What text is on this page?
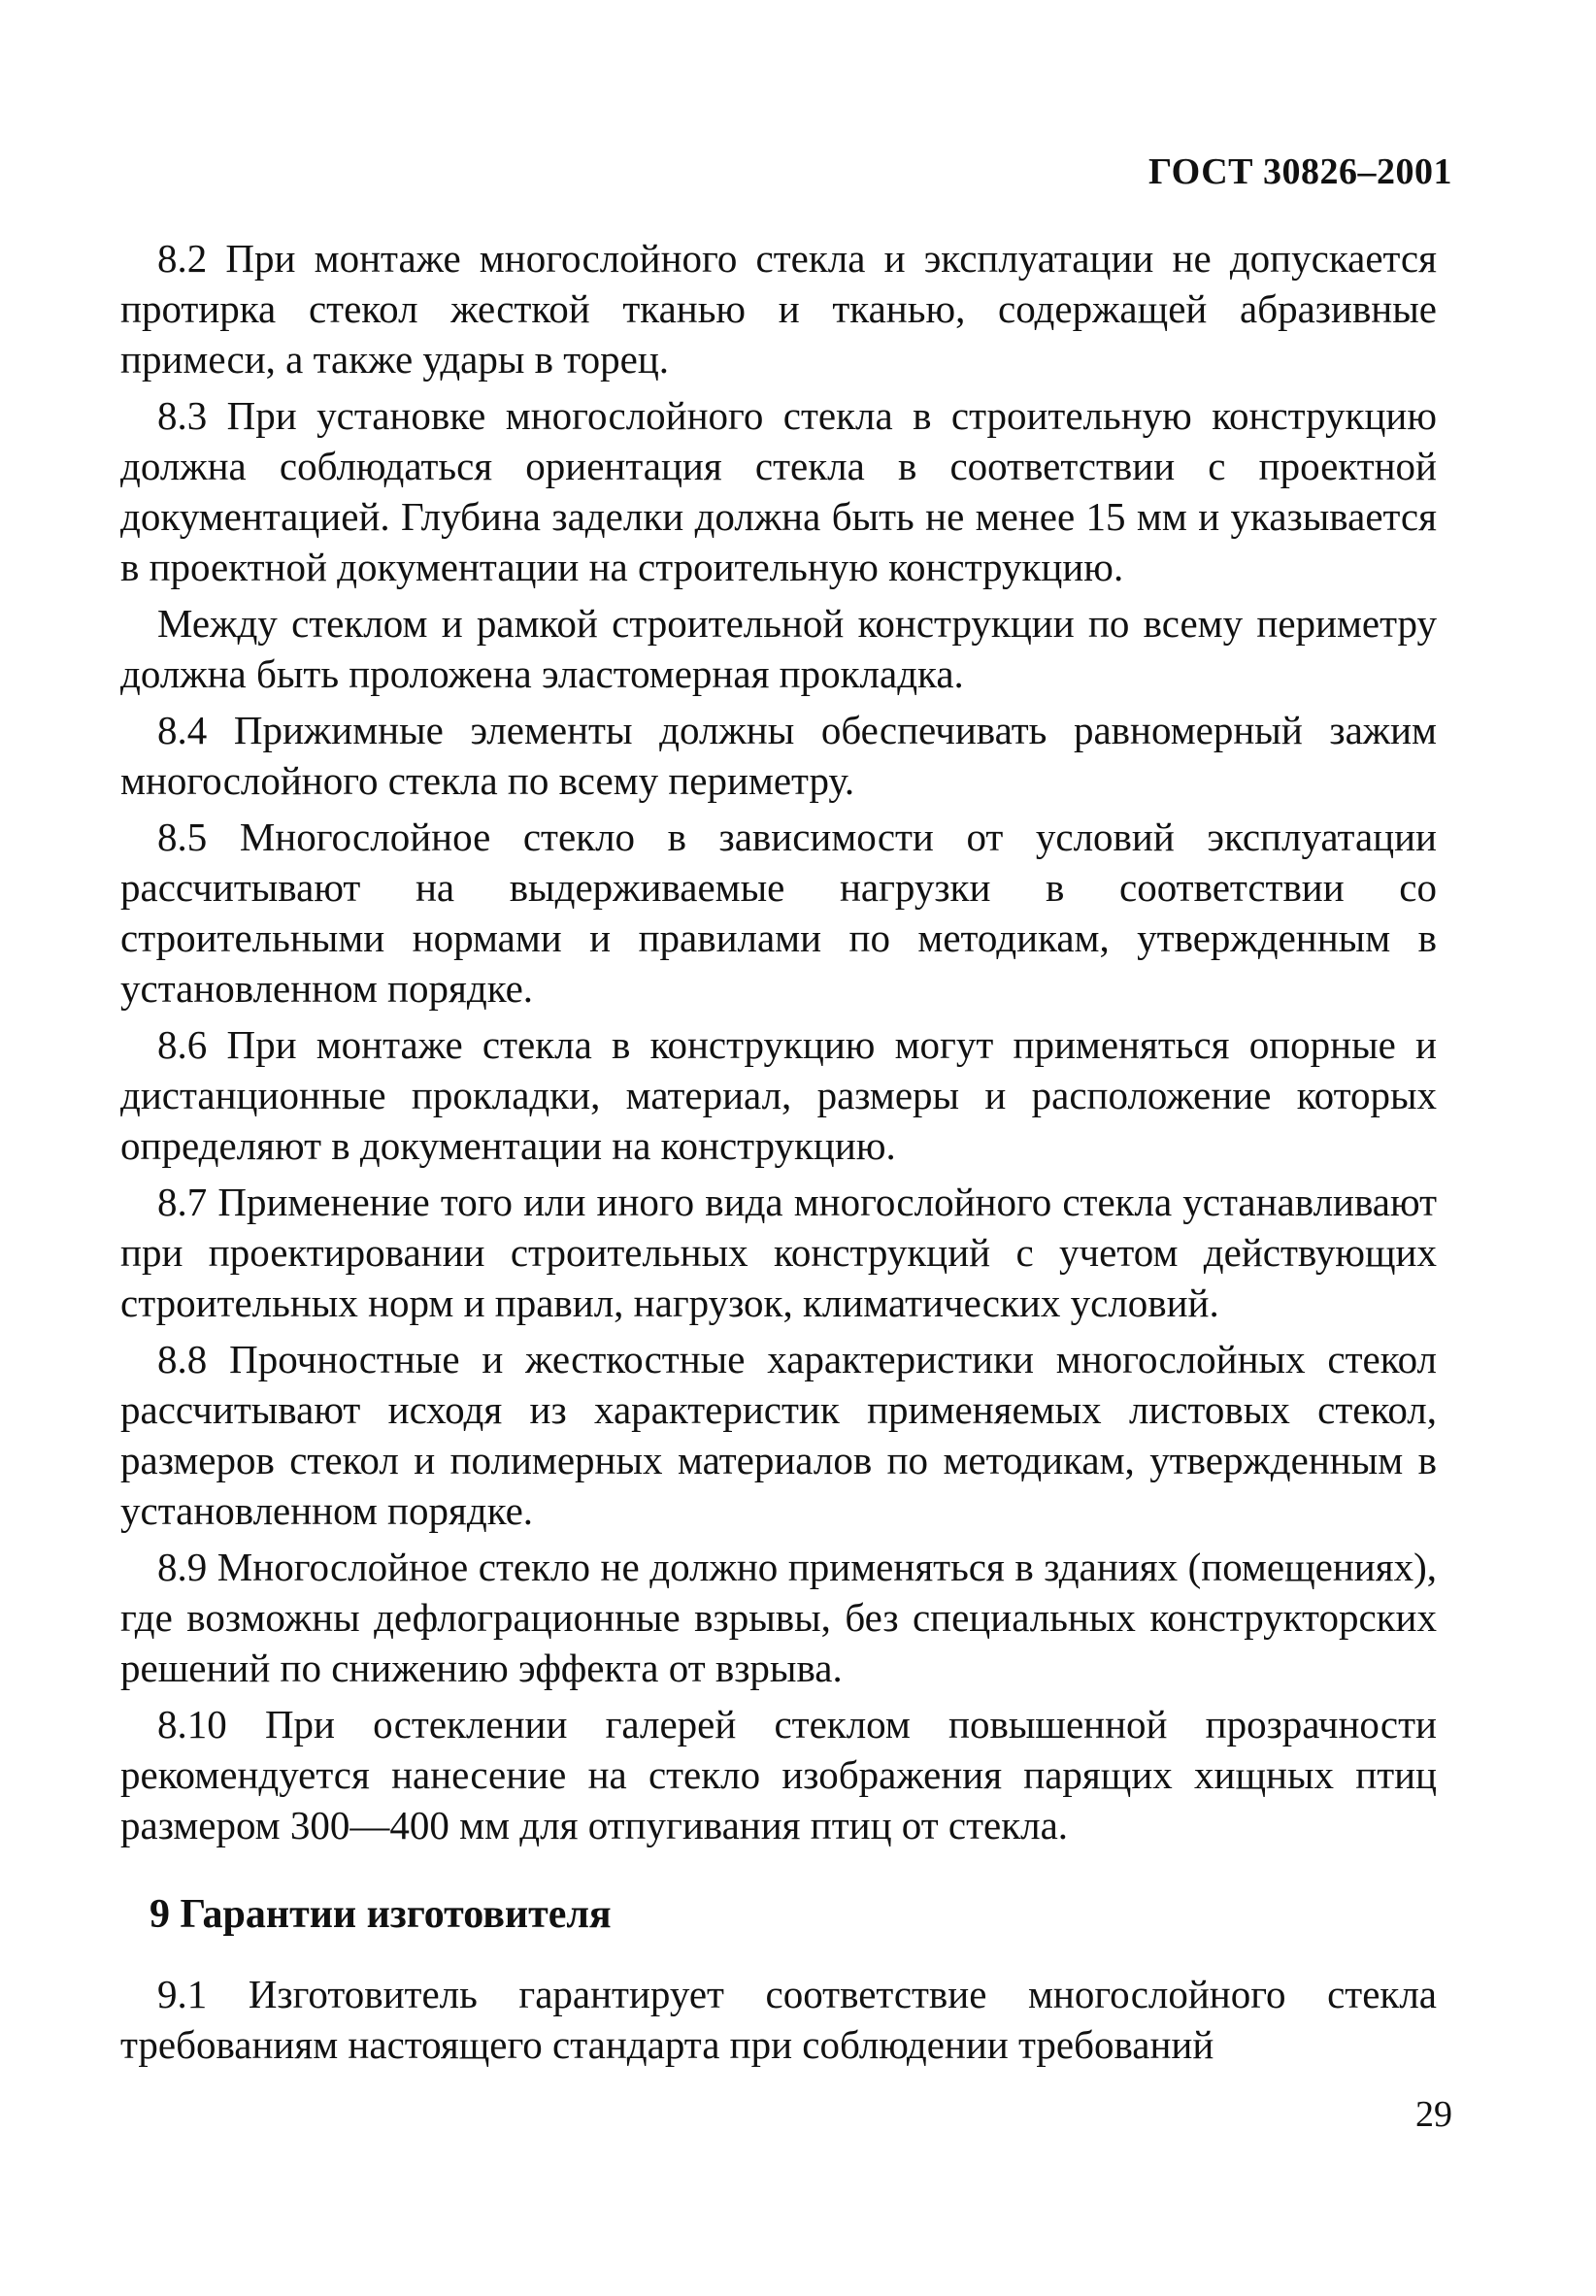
ГОСТ 30826–2001

8.2 При монтаже многослойного стекла и эксплуатации не допускается протирка стекол жесткой тканью и тканью, содержащей абразивные примеси, а также удары в торец.

8.3 При установке многослойного стекла в строительную конструкцию должна соблюдаться ориентация стекла в соответствии с проектной документацией. Глубина заделки должна быть не менее 15 мм и указывается в проектной документации на строительную конструкцию.

Между стеклом и рамкой строительной конструкции по всему периметру должна быть проложена эластомерная прокладка.

8.4 Прижимные элементы должны обеспечивать равномерный зажим многослойного стекла по всему периметру.

8.5 Многослойное стекло в зависимости от условий эксплуатации рассчитывают на выдерживаемые нагрузки в соответствии со строительными нормами и правилами по методикам, утвержденным в установленном порядке.

8.6 При монтаже стекла в конструкцию могут применяться опорные и дистанционные прокладки, материал, размеры и расположение которых определяют в документации на конструкцию.

8.7 Применение того или иного вида многослойного стекла устанавливают при проектировании строительных конструкций с учетом действующих строительных норм и правил, нагрузок, климатических условий.

8.8 Прочностные и жесткостные характеристики многослойных стекол рассчитывают исходя из характеристик применяемых листовых стекол, размеров стекол и полимерных материалов по методикам, утвержденным в установленном порядке.

8.9 Многослойное стекло не должно применяться в зданиях (помещениях), где возможны дефлограционные взрывы, без специальных конструкторских решений по снижению эффекта от взрыва.

8.10 При остеклении галерей стеклом повышенной прозрачности рекомендуется нанесение на стекло изображения парящих хищных птиц размером 300—400 мм для отпугивания птиц от стекла.

9 Гарантии изготовителя

9.1 Изготовитель гарантирует соответствие многослойного стекла требованиям настоящего стандарта при соблюдении требований

29
